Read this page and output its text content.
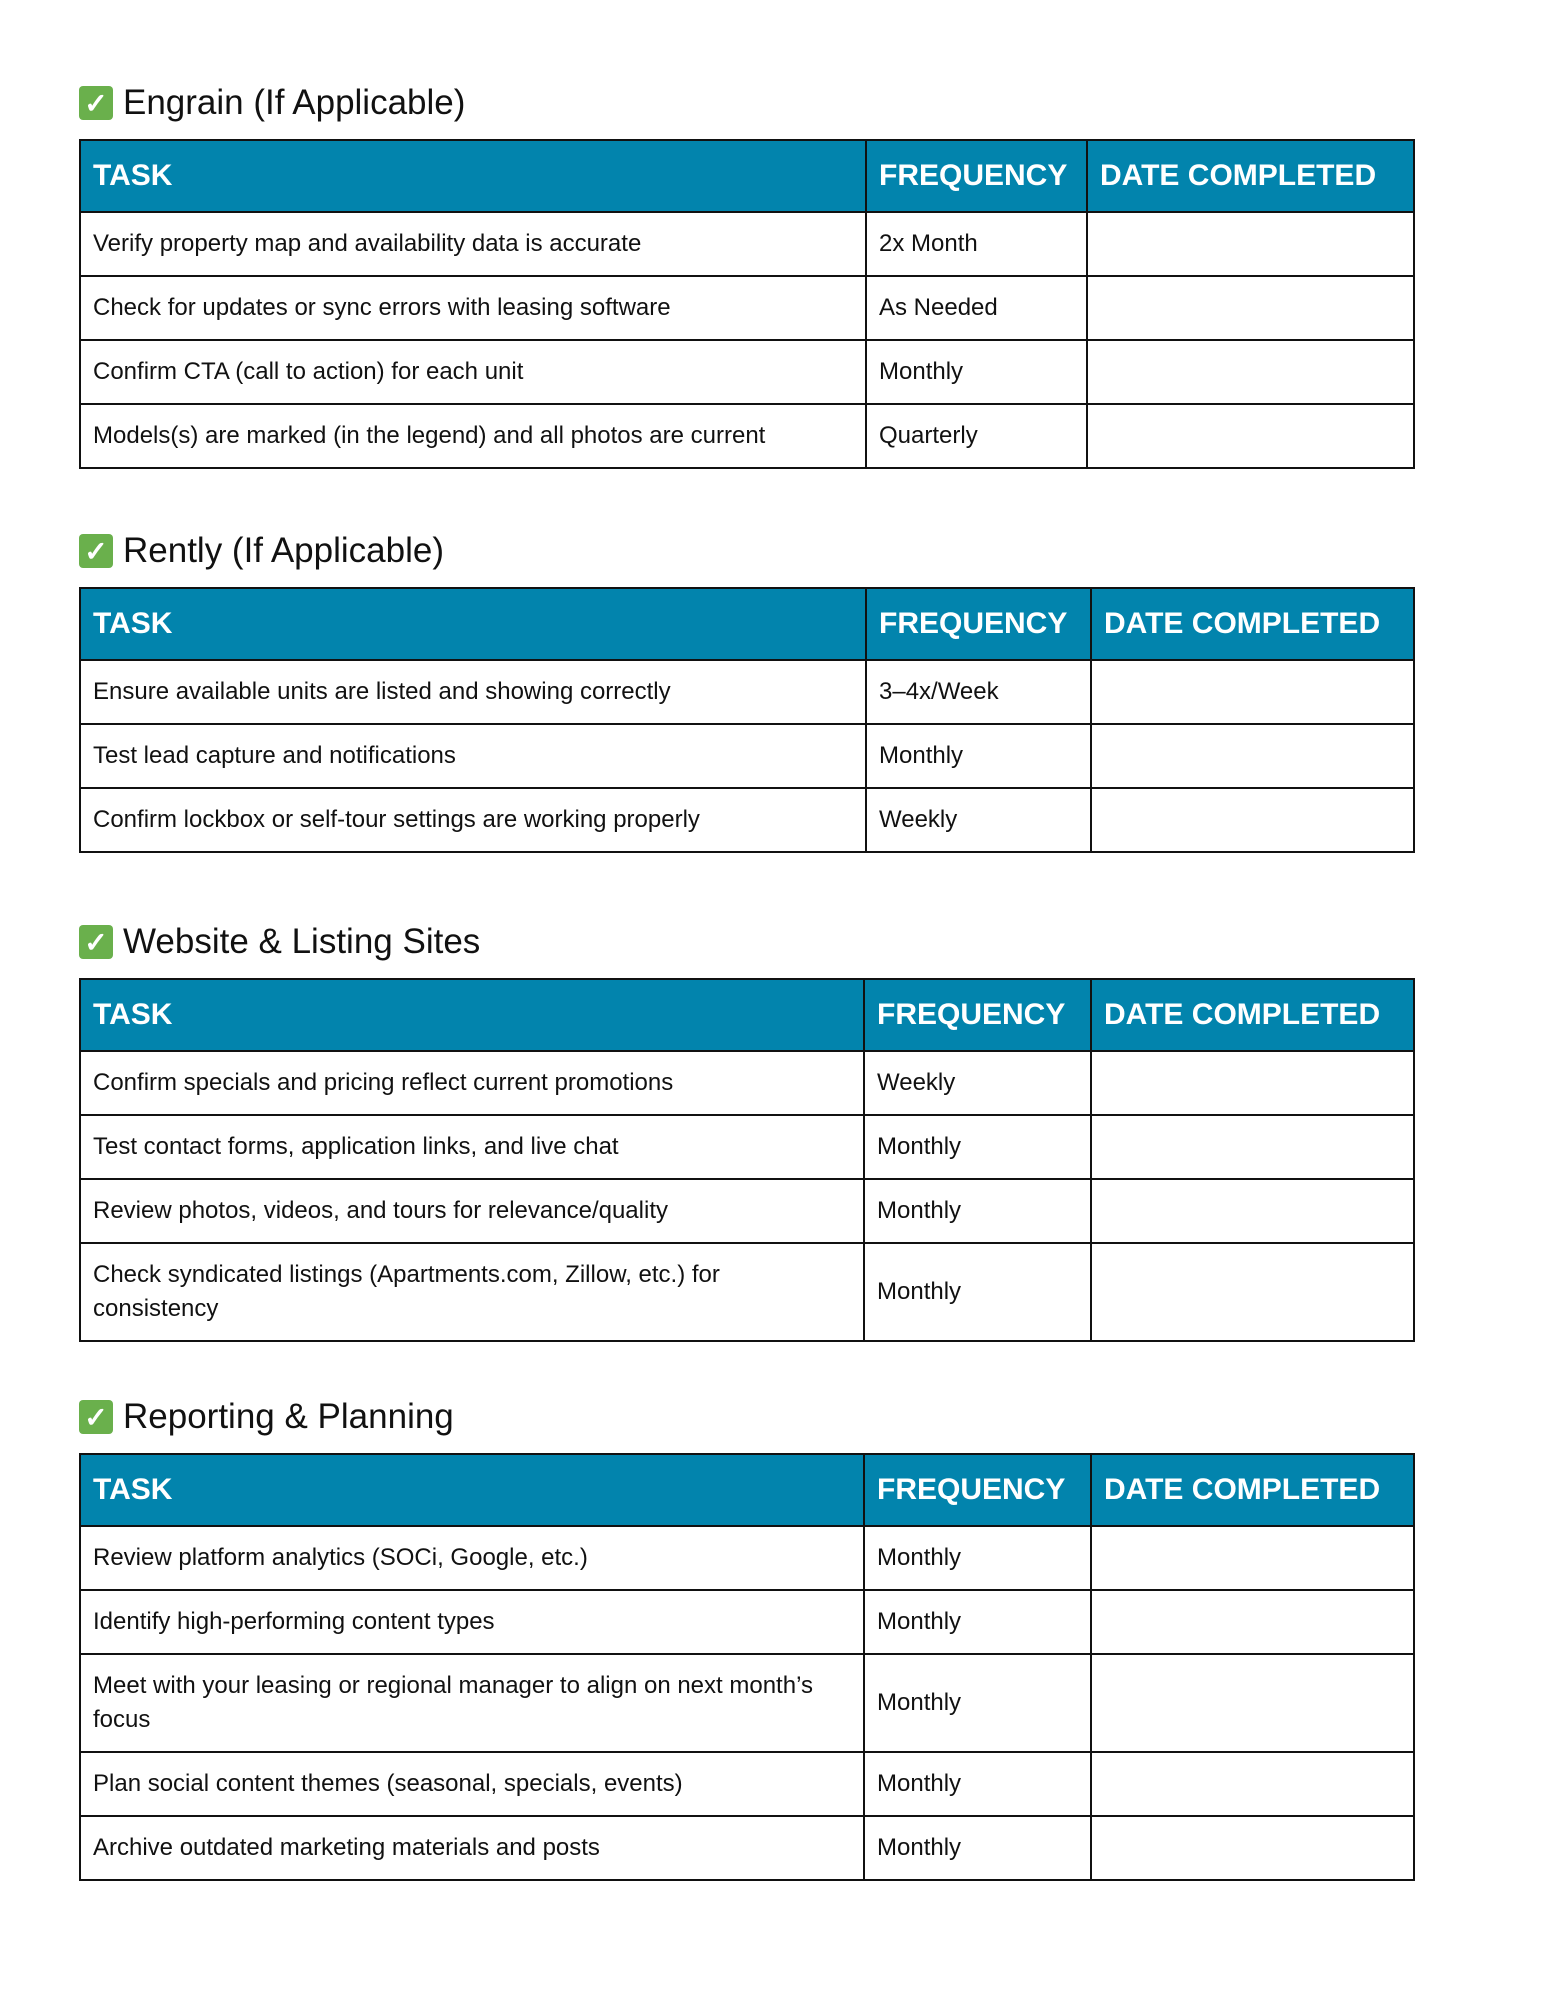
✓ Engrain (If Applicable)
TASK	FREQUENCY	DATE COMPLETED
Verify property map and availability data is accurate	2x Month	
Check for updates or sync errors with leasing software	As Needed	
Confirm CTA (call to action) for each unit	Monthly	
Models(s) are marked (in the legend) and all photos are current	Quarterly	
✓ Rently (If Applicable)
TASK	FREQUENCY	DATE COMPLETED
Ensure available units are listed and showing correctly	3–4x/Week	
Test lead capture and notifications	Monthly	
Confirm lockbox or self-tour settings are working properly	Weekly	
✓ Website & Listing Sites
TASK	FREQUENCY	DATE COMPLETED
Confirm specials and pricing reflect current promotions	Weekly	
Test contact forms, application links, and live chat	Monthly	
Review photos, videos, and tours for relevance/quality	Monthly	
Check syndicated listings (Apartments.com, Zillow, etc.) for consistency	Monthly	
✓ Reporting & Planning
TASK	FREQUENCY	DATE COMPLETED
Review platform analytics (SOCi, Google, etc.)	Monthly	
Identify high-performing content types	Monthly	
Meet with your leasing or regional manager to align on next month’s focus	Monthly	
Plan social content themes (seasonal, specials, events)	Monthly	
Archive outdated marketing materials and posts	Monthly	
